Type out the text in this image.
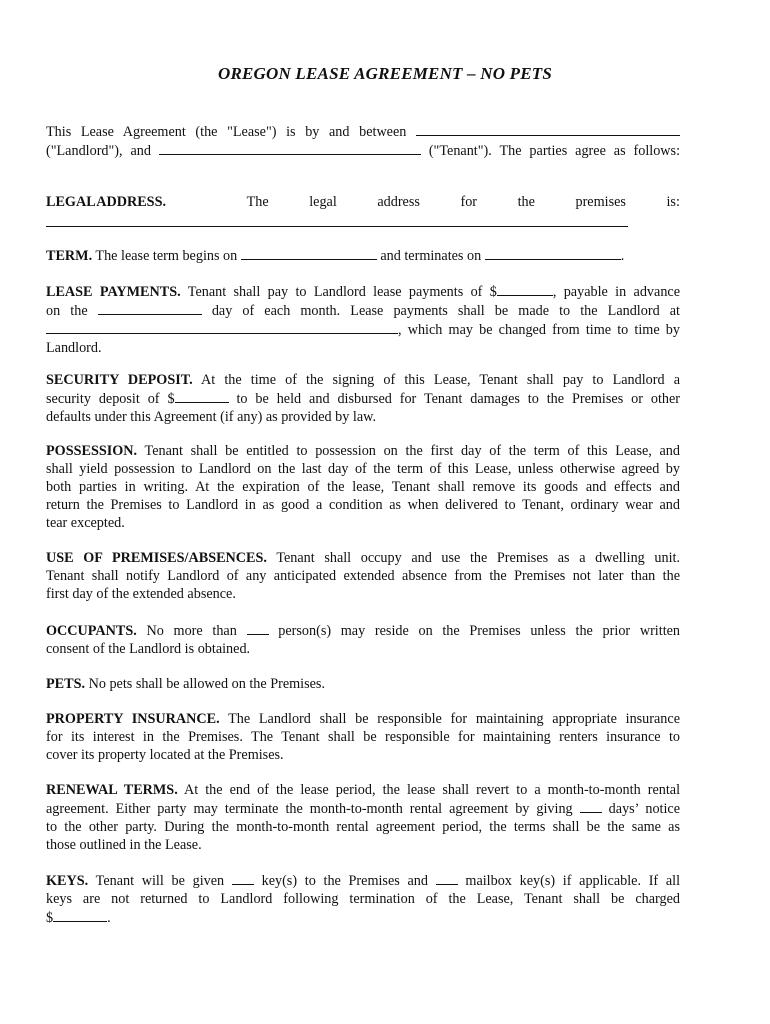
OREGON LEASE AGREEMENT – NO PETS
This Lease Agreement (the "Lease") is by and between
("Landlord"), and	("Tenant"). The parties agree as follows:
LEGAL ADDRESS.	The	legal	address	for	the	premises	is:
TERM. The lease term begins on	and terminates on	.
LEASE PAYMENTS. Tenant shall pay to Landlord lease payments of $	, payable in advance
on the	day of each month. Lease payments shall be made to the Landlord at
, which may be changed from time to time by
Landlord.
SECURITY DEPOSIT. At the time of the signing of this Lease, Tenant shall pay to Landlord a
security deposit of $	to be held and disbursed for Tenant damages to the Premises or other
defaults under this Agreement (if any) as provided by law.
POSSESSION. Tenant shall be entitled to possession on the first day of the term of this Lease, and
shall yield possession to Landlord on the last day of the term of this Lease, unless otherwise agreed by
both parties in writing. At the expiration of the lease, Tenant shall remove its goods and effects and
return the Premises to Landlord in as good a condition as when delivered to Tenant, ordinary wear and
tear excepted.
USE OF PREMISES/ABSENCES. Tenant shall occupy and use the Premises as a dwelling unit.
Tenant shall notify Landlord of any anticipated extended absence from the Premises not later than the
first day of the extended absence.
OCCUPANTS. No more than	person(s) may reside on the Premises unless the prior written
consent of the Landlord is obtained.
PETS. No pets shall be allowed on the Premises.
PROPERTY INSURANCE. The Landlord shall be responsible for maintaining appropriate insurance
for its interest in the Premises. The Tenant shall be responsible for maintaining renters insurance to
cover its property located at the Premises.
RENEWAL TERMS. At the end of the lease period, the lease shall revert to a month-to-month rental
agreement. Either party may terminate the month-to-month rental agreement by giving	days’ notice
to the other party. During the month-to-month rental agreement period, the terms shall be the same as
those outlined in the Lease.
KEYS. Tenant will be given	key(s) to the Premises and	mailbox key(s) if applicable. If all
keys are not returned to Landlord following termination of the Lease, Tenant shall be charged
$	.
